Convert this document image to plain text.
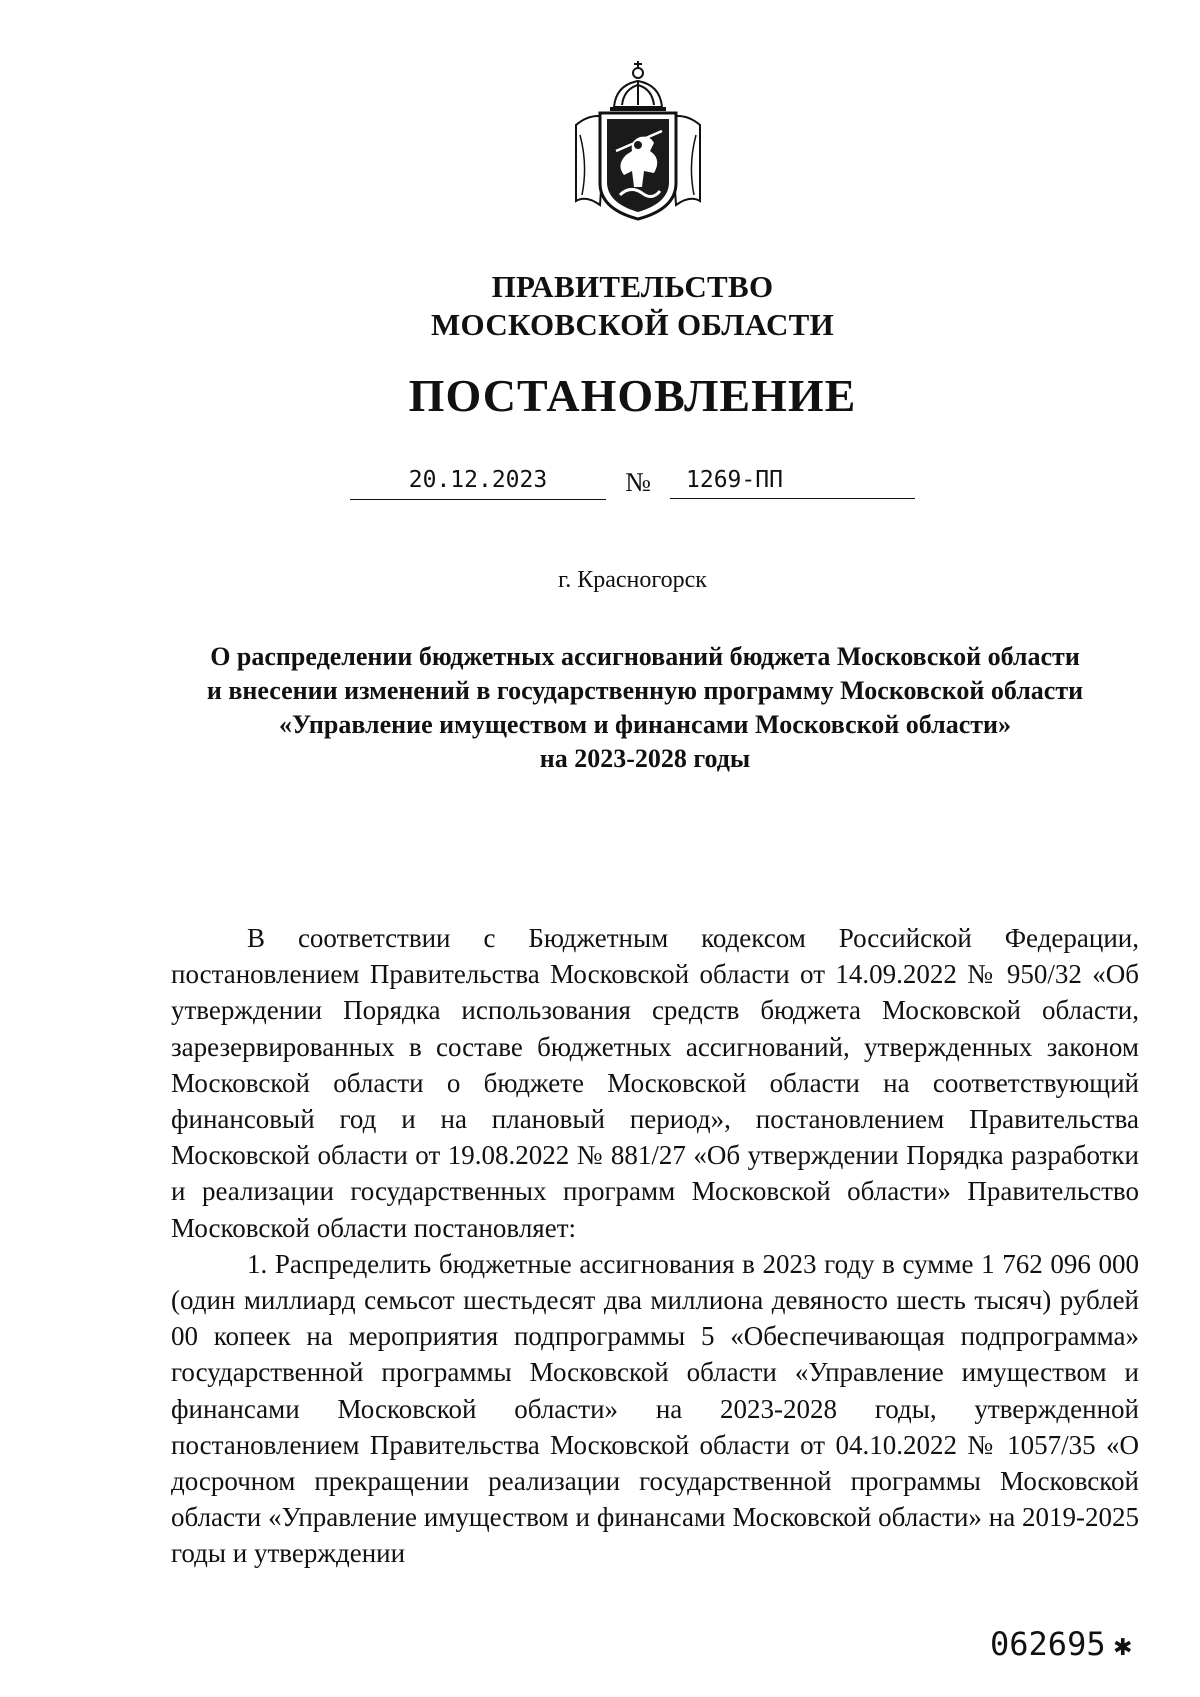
ПРАВИТЕЛЬСТВО
МОСКОВСКОЙ ОБЛАСТИ
ПОСТАНОВЛЕНИЕ
20.12.2023	№	1269-ПП
г. Красногорск
О распределении бюджетных ассигнований бюджета Московской области
и внесении изменений в государственную программу Московской области
«Управление имуществом и финансами Московской области»
на 2023-2028 годы

В соответствии с Бюджетным кодексом Российской Федерации, постановлением Правительства Московской области от 14.09.2022 № 950/32 «Об утверждении Порядка использования средств бюджета Московской области, зарезервированных в составе бюджетных ассигнований, утвержденных законом Московской области о бюджете Московской области на соответствующий финансовый год и на плановый период», постановлением Правительства Московской области от 19.08.2022 № 881/27 «Об утверждении Порядка разработки и реализации государственных программ Московской области» Правительство Московской области постановляет:

1. Распределить бюджетные ассигнования в 2023 году в сумме 1 762 096 000 (один миллиард семьсот шестьдесят два миллиона девяносто шесть тысяч) рублей 00 копеек на мероприятия подпрограммы 5 «Обеспечивающая подпрограмма» государственной программы Московской области «Управление имуществом и финансами Московской области» на 2023-2028 годы, утвержденной постановлением Правительства Московской области от 04.10.2022 № 1057/35 «О досрочном прекращении реализации государственной программы Московской области «Управление имуществом и финансами Московской области» на 2019-2025 годы и утверждении

062695 ✱
